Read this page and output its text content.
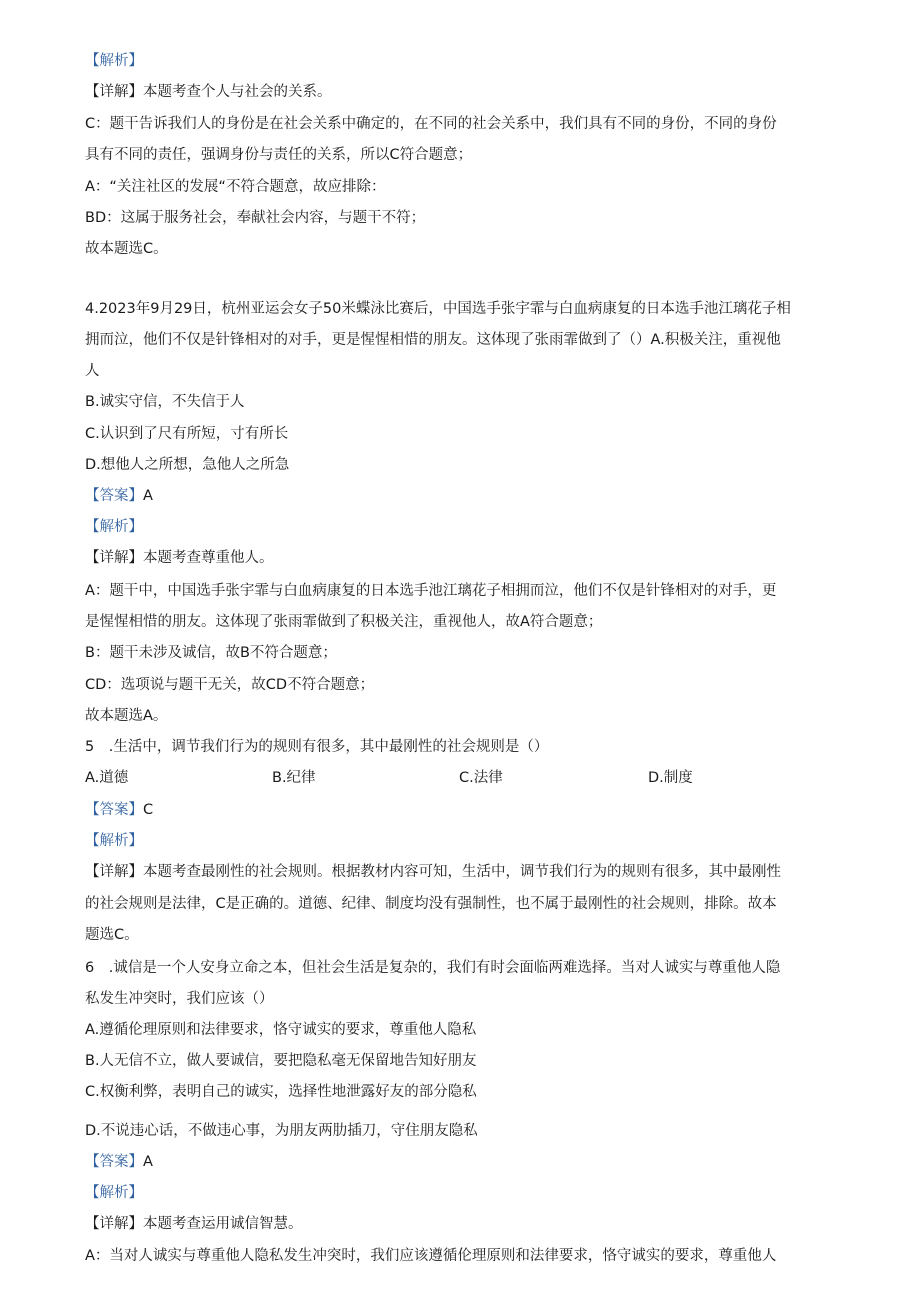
【解析】
【详解】本题考查个人与社会的关系。
C：题干告诉我们人的身份是在社会关系中确定的，在不同的社会关系中，我们具有不同的身份，不同的身份
具有不同的责任，强调身份与责任的关系，所以C符合题意；
A：“关注社区的发展“不符合题意，故应排除：
BD：这属于服务社会，奉献社会内容，与题干不符；
故本题选C。
4.2023年9月29日，杭州亚运会女子50米蝶泳比赛后，中国选手张宇霏与白血病康复的日本选手池江璃花子相
拥而泣，他们不仅是针锋相对的对手，更是惺惺相惜的朋友。这体现了张雨霏做到了（）A.积极关注，重视他
人
B.诚实守信，不失信于人
C.认识到了尺有所短，寸有所长
D.想他人之所想，急他人之所急
【答案】A
【解析】
【详解】本题考查尊重他人。
A：题干中，中国选手张宇霏与白血病康复的日本选手池江璃花子相拥而泣，他们不仅是针锋相对的对手，更
是惺惺相惜的朋友。这体现了张雨霏做到了积极关注，重视他人，故A符合题意；
B：题干未涉及诚信，故B不符合题意；
CD：选项说与题干无关，故CD不符合题意；
故本题选A。
5　.生活中，调节我们行为的规则有很多，其中最刚性的社会规则是（）
A.道德	B.纪律	C.法律	D.制度
【答案】C
【解析】
【详解】本题考查最刚性的社会规则。根据教材内容可知，生活中，调节我们行为的规则有很多，其中最刚性
的社会规则是法律，C是正确的。道德、纪律、制度均没有强制性，也不属于最刚性的社会规则，排除。故本
题选C。
6　.诚信是一个人安身立命之本，但社会生活是复杂的，我们有时会面临两难选择。当对人诚实与尊重他人隐
私发生冲突时，我们应该（）
A.遵循伦理原则和法律要求，恪守诚实的要求，尊重他人隐私
B.人无信不立，做人要诚信，要把隐私毫无保留地告知好朋友
C.权衡利弊，表明自己的诚实，选择性地泄露好友的部分隐私
D.不说违心话，不做违心事，为朋友两肋插刀，守住朋友隐私
【答案】A
【解析】
【详解】本题考查运用诚信智慧。
A：当对人诚实与尊重他人隐私发生冲突时，我们应该遵循伦理原则和法律要求，恪守诚实的要求，尊重他人
